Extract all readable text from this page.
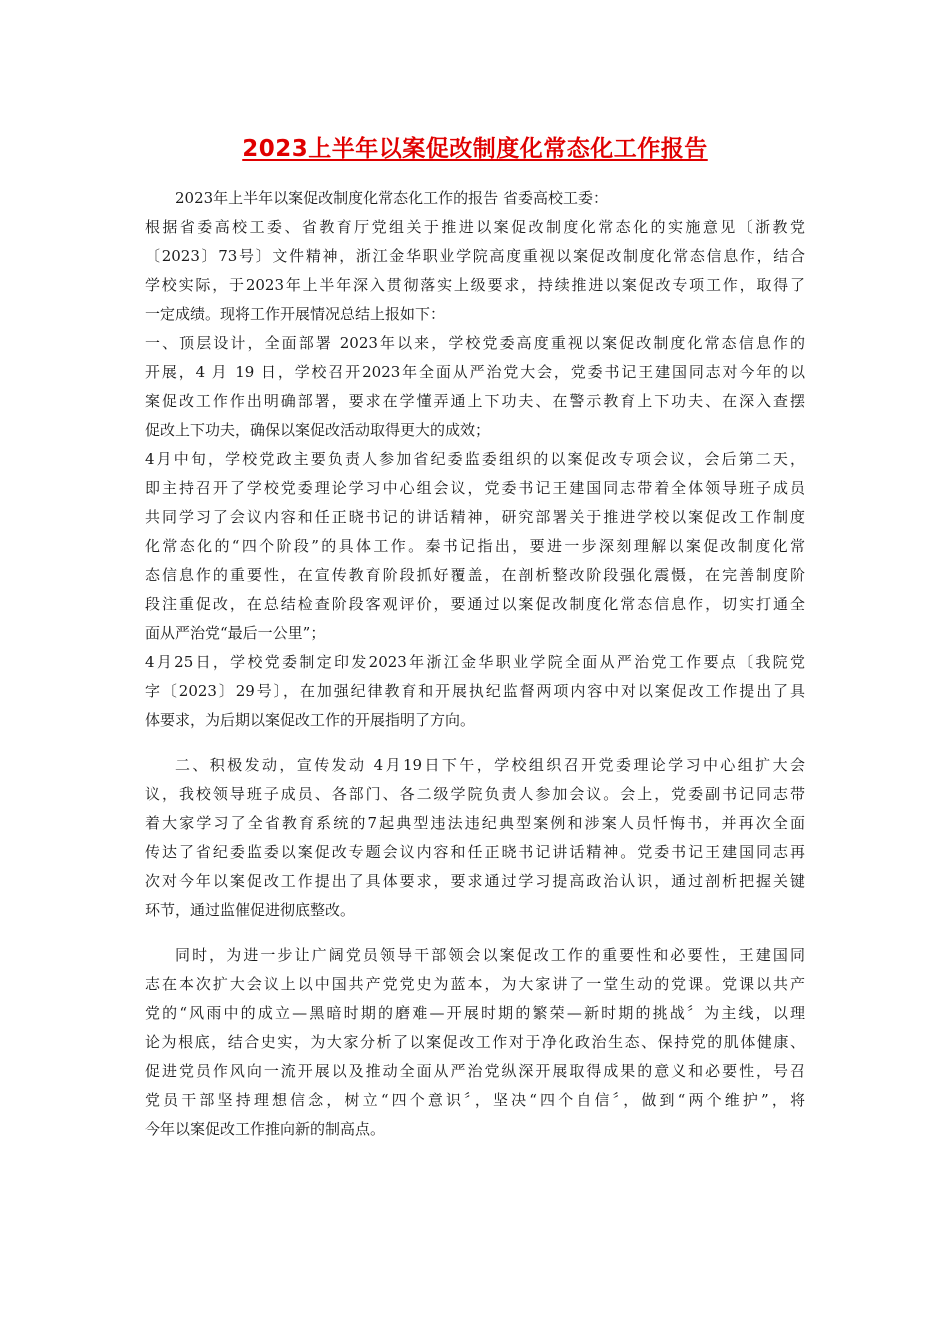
2023上半年以案促改制度化常态化工作报告
2023年上半年以案促改制度化常态化工作的报告 省委高校工委：
根据省委高校工委、省教育厅党组关于推进以案促改制度化常态化的实施意见〔浙教党
〔2023〕73号〕文件精神，浙江金华职业学院高度重视以案促改制度化常态信息作，结合
学校实际，于2023年上半年深入贯彻落实上级要求，持续推进以案促改专项工作，取得了
一定成绩。现将工作开展情况总结上报如下：
一、顶层设计，全面部署 2023年以来，学校党委高度重视以案促改制度化常态信息作的
开展，4 月 19 日，学校召开2023年全面从严治党大会，党委书记王建国同志对今年的以
案促改工作作出明确部署，要求在学懂弄通上下功夫、在警示教育上下功夫、在深入查摆
促改上下功夫，确保以案促改活动取得更大的成效；
4月中旬，学校党政主要负责人参加省纪委监委组织的以案促改专项会议，会后第二天，
即主持召开了学校党委理论学习中心组会议，党委书记王建国同志带着全体领导班子成员
共同学习了会议内容和任正晓书记的讲话精神，研究部署关于推进学校以案促改工作制度
化常态化的“四个阶段”的具体工作。秦书记指出，要进一步深刻理解以案促改制度化常
态信息作的重要性，在宣传教育阶段抓好覆盖，在剖析整改阶段强化震慑，在完善制度阶
段注重促改，在总结检查阶段客观评价，要通过以案促改制度化常态信息作，切实打通全
面从严治党“最后一公里”；
4月25日，学校党委制定印发2023年浙江金华职业学院全面从严治党工作要点〔我院党
字〔2023〕29号〕，在加强纪律教育和开展执纪监督两项内容中对以案促改工作提出了具
体要求，为后期以案促改工作的开展指明了方向。
二、积极发动，宣传发动 4月19日下午，学校组织召开党委理论学习中心组扩大会
议，我校领导班子成员、各部门、各二级学院负责人参加会议。会上，党委副书记同志带
着大家学习了全省教育系统的7起典型违法违纪典型案例和涉案人员忏悔书，并再次全面
传达了省纪委监委以案促改专题会议内容和任正晓书记讲话精神。党委书记王建国同志再
次对今年以案促改工作提出了具体要求，要求通过学习提高政治认识，通过剖析把握关键
环节，通过监催促进彻底整改。
同时，为进一步让广阔党员领导干部领会以案促改工作的重要性和必要性，王建国同
志在本次扩大会议上以中国共产党党史为蓝本，为大家讲了一堂生动的党课。党课以共产
党的“风雨中的成立—黑暗时期的磨难—开展时期的繁荣—新时期的挑战〞为主线，以理
论为根底，结合史实，为大家分析了以案促改工作对于净化政治生态、保持党的肌体健康、
促进党员作风向一流开展以及推动全面从严治党纵深开展取得成果的意义和必要性，号召
党员干部坚持理想信念，树立“四个意识〞，坚决“四个自信〞，做到“两个维护”，将
今年以案促改工作推向新的制高点。
